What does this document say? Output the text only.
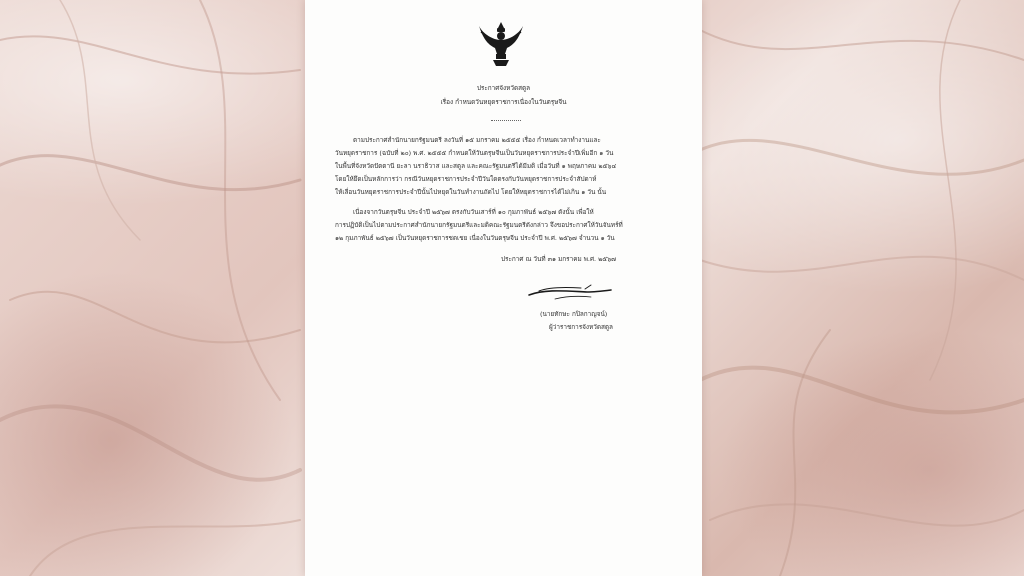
ประกาศจังหวัดสตูล
เรื่อง กำหนดวันหยุดราชการเนื่องในวันตรุษจีน
ตามประกาศสำนักนายกรัฐมนตรี ลงวันที่ ๑๕ มกราคม ๒๕๕๕ เรื่อง กำหนดเวลาทำงานและ
วันหยุดราชการ (ฉบับที่ ๒๐) พ.ศ. ๒๕๕๕ กำหนดให้วันตรุษจีนเป็นวันหยุดราชการประจำปีเพิ่มอีก ๑ วัน
ในพื้นที่จังหวัดปัตตานี ยะลา นราธิวาส และสตูล และคณะรัฐมนตรีได้มีมติ เมื่อวันที่ ๑ พฤษภาคม ๒๕๖๔
โดยให้ยึดเป็นหลักการว่า กรณีวันหยุดราชการประจำปีวันใดตรงกับวันหยุดราชการประจำสัปดาห์
ให้เลื่อนวันหยุดราชการประจำปีนั้นไปหยุดในวันทำงานถัดไป โดยให้หยุดราชการได้ไม่เกิน ๑ วัน นั้น
เนื่องจากวันตรุษจีน ประจำปี ๒๕๖๗ ตรงกับวันเสาร์ที่ ๑๐ กุมภาพันธ์ ๒๕๖๗ ดังนั้น เพื่อให้
การปฏิบัติเป็นไปตามประกาศสำนักนายกรัฐมนตรีและมติคณะรัฐมนตรีดังกล่าว จึงขอประกาศให้วันจันทร์ที่
๑๒ กุมภาพันธ์ ๒๕๖๗ เป็นวันหยุดราชการชดเชย เนื่องในวันตรุษจีน ประจำปี พ.ศ. ๒๕๖๗ จำนวน ๑ วัน
ประกาศ ณ วันที่ ๓๑ มกราคม พ.ศ. ๒๕๖๗
(นายทักษะ กปิลกาญจน์)
ผู้ว่าราชการจังหวัดสตูล
